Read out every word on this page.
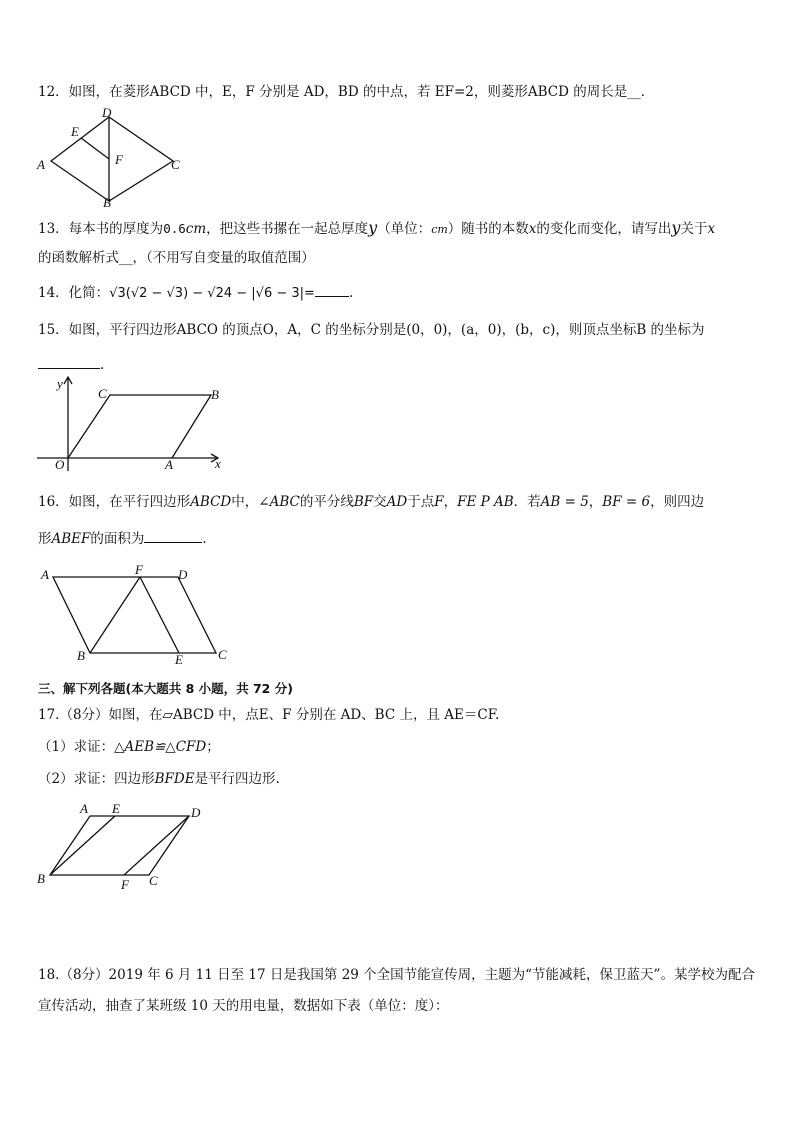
12．如图，在菱形ABCD 中，E，F 分别是 AD，BD 的中点，若 EF=2，则菱形ABCD 的周长是__．
A
D
E
F	C
B
13．每本书的厚度为0.6cm，把这些书摞在一起总厚度y（单位：cm）随书的本数x的变化而变化，请写出y关于x
的函数解析式__，（不用写自变量的取值范围）
14．化简：√3(√2 − √3) − √24 − |√6 − 3|=	.
15．如图，平行四边形ABCO 的顶点O，A，C 的坐标分别是(0，0)，(a，0)，(b，c)，则顶点坐标B 的坐标为
.
y
x
O	A
C	B
16．如图，在平行四边形ABCD中，∠ABC的平分线BF交AD于点F，FE P AB．若AB = 5，BF = 6，则四边
形ABEF的面积为	.
A	F	D
B	E	C
三、解下列各题(本大题共 8 小题，共 72 分)
17.（8分）如图，在▱ABCD 中，点E、F 分别在 AD、BC 上，且 AE＝CF.
（1）求证：△AEB≌△CFD；
（2）求证：四边形BFDE是平行四边形.
A E	D
B	F C
18.（8分）2019 年 6 月 11 日至 17 日是我国第 29 个全国节能宣传周，主题为“节能减耗，保卫蓝天”。某学校为配合
宣传活动，抽查了某班级 10 天的用电量，数据如下表（单位：度）：
